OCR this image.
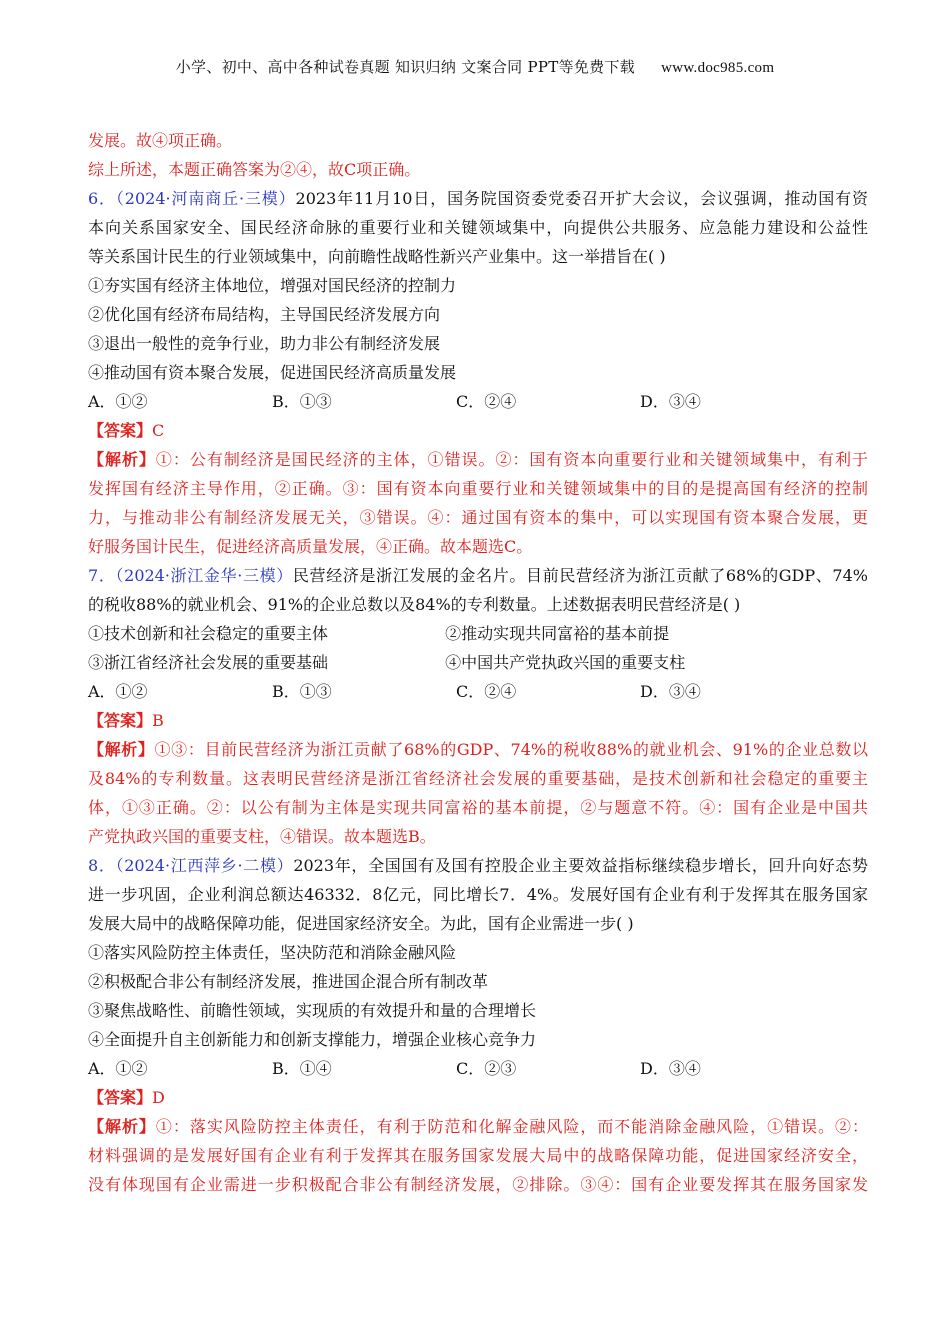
小学、初中、高中各种试卷真题 知识归纳 文案合同 PPT等免费下载 www.doc985.com
发展。故④项正确。
综上所述，本题正确答案为②④，故C项正确。
6．（2024·河南商丘·三模）2023年11月10日，国务院国资委党委召开扩大会议，会议强调，推动国有资
本向关系国家安全、国民经济命脉的重要行业和关键领域集中，向提供公共服务、应急能力建设和公益性
等关系国计民生的行业领域集中，向前瞻性战略性新兴产业集中。这一举措旨在( )
①夯实国有经济主体地位，增强对国民经济的控制力
②优化国有经济布局结构，主导国民经济发展方向
③退出一般性的竞争行业，助力非公有制经济发展
④推动国有资本聚合发展，促进国民经济高质量发展
A．①②	B．①③	C．②④	D．③④
【答案】C
【解析】①：公有制经济是国民经济的主体，①错误。②：国有资本向重要行业和关键领域集中，有利于
发挥国有经济主导作用，②正确。③：国有资本向重要行业和关键领域集中的目的是提高国有经济的控制
力，与推动非公有制经济发展无关，③错误。④：通过国有资本的集中，可以实现国有资本聚合发展，更
好服务国计民生，促进经济高质量发展，④正确。故本题选C。
7．（2024·浙江金华·三模）民营经济是浙江发展的金名片。目前民营经济为浙江贡献了68%的GDP、74%
的税收88%的就业机会、91%的企业总数以及84%的专利数量。上述数据表明民营经济是( )
①技术创新和社会稳定的重要主体	②推动实现共同富裕的基本前提
③浙江省经济社会发展的重要基础	④中国共产党执政兴国的重要支柱
A．①②	B．①③	C．②④	D．③④
【答案】B
【解析】①③：目前民营经济为浙江贡献了68%的GDP、74%的税收88%的就业机会、91%的企业总数以
及84%的专利数量。这表明民营经济是浙江省经济社会发展的重要基础，是技术创新和社会稳定的重要主
体，①③正确。②：以公有制为主体是实现共同富裕的基本前提，②与题意不符。④：国有企业是中国共
产党执政兴国的重要支柱，④错误。故本题选B。
8．（2024·江西萍乡·二模）2023年，全国国有及国有控股企业主要效益指标继续稳步增长，回升向好态势
进一步巩固，企业利润总额达46332．8亿元，同比增长7．4%。发展好国有企业有利于发挥其在服务国家
发展大局中的战略保障功能，促进国家经济安全。为此，国有企业需进一步( )
①落实风险防控主体责任，坚决防范和消除金融风险
②积极配合非公有制经济发展，推进国企混合所有制改革
③聚焦战略性、前瞻性领域，实现质的有效提升和量的合理增长
④全面提升自主创新能力和创新支撑能力，增强企业核心竞争力
A．①②	B．①④	C．②③	D．③④
【答案】D
【解析】①：落实风险防控主体责任，有利于防范和化解金融风险，而不能消除金融风险，①错误。②：
材料强调的是发展好国有企业有利于发挥其在服务国家发展大局中的战略保障功能，促进国家经济安全，
没有体现国有企业需进一步积极配合非公有制经济发展，②排除。③④：国有企业要发挥其在服务国家发
